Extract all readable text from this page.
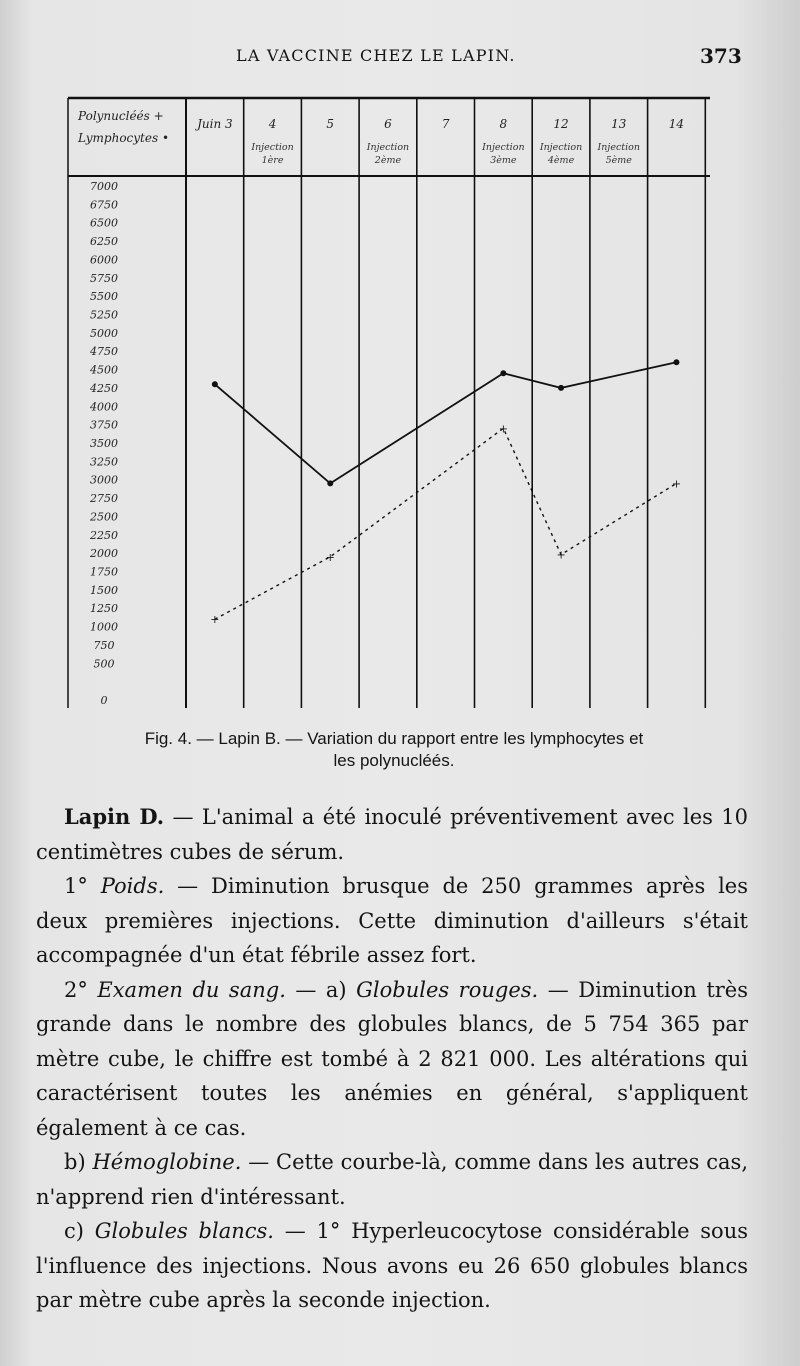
LA VACCINE CHEZ LE LAPIN.	373
Polynucléés +
Lymphocytes •
Juin 3	4
Injection
1ère
5	6
Injection
2ème
7	8
Injection
3ème
12
Injection
4ème
13
Injection
5ème
14
7000
6750
6500
6250
6000
5750
5500
5250
5000
4750
4500
4250
4000
3750
3500
3250
3000
2750
2500
2250
2000
1750
1500
1250
1000
750
500
0
+
+
+
+
+
Fig. 4. — Lapin B. — Variation du rapport entre les lymphocytes et
les polynucléés.

Lapin D. — L'animal a été inoculé préventivement avec les 10 centimètres cubes de sérum.

1° Poids. — Diminution brusque de 250 grammes après les deux premières injections. Cette diminution d'ailleurs s'était accompagnée d'un état fébrile assez fort.

2° Examen du sang. — a) Globules rouges. — Diminution très grande dans le nombre des globules blancs, de 5 754 365 par mètre cube, le chiffre est tombé à 2 821 000. Les altérations qui caractérisent toutes les anémies en général, s'appliquent également à ce cas.

b) Hémoglobine. — Cette courbe-là, comme dans les autres cas, n'apprend rien d'intéressant.

c) Globules blancs. — 1° Hyperleucocytose considérable sous l'influence des injections. Nous avons eu 26 650 globules blancs par mètre cube après la seconde injection.
